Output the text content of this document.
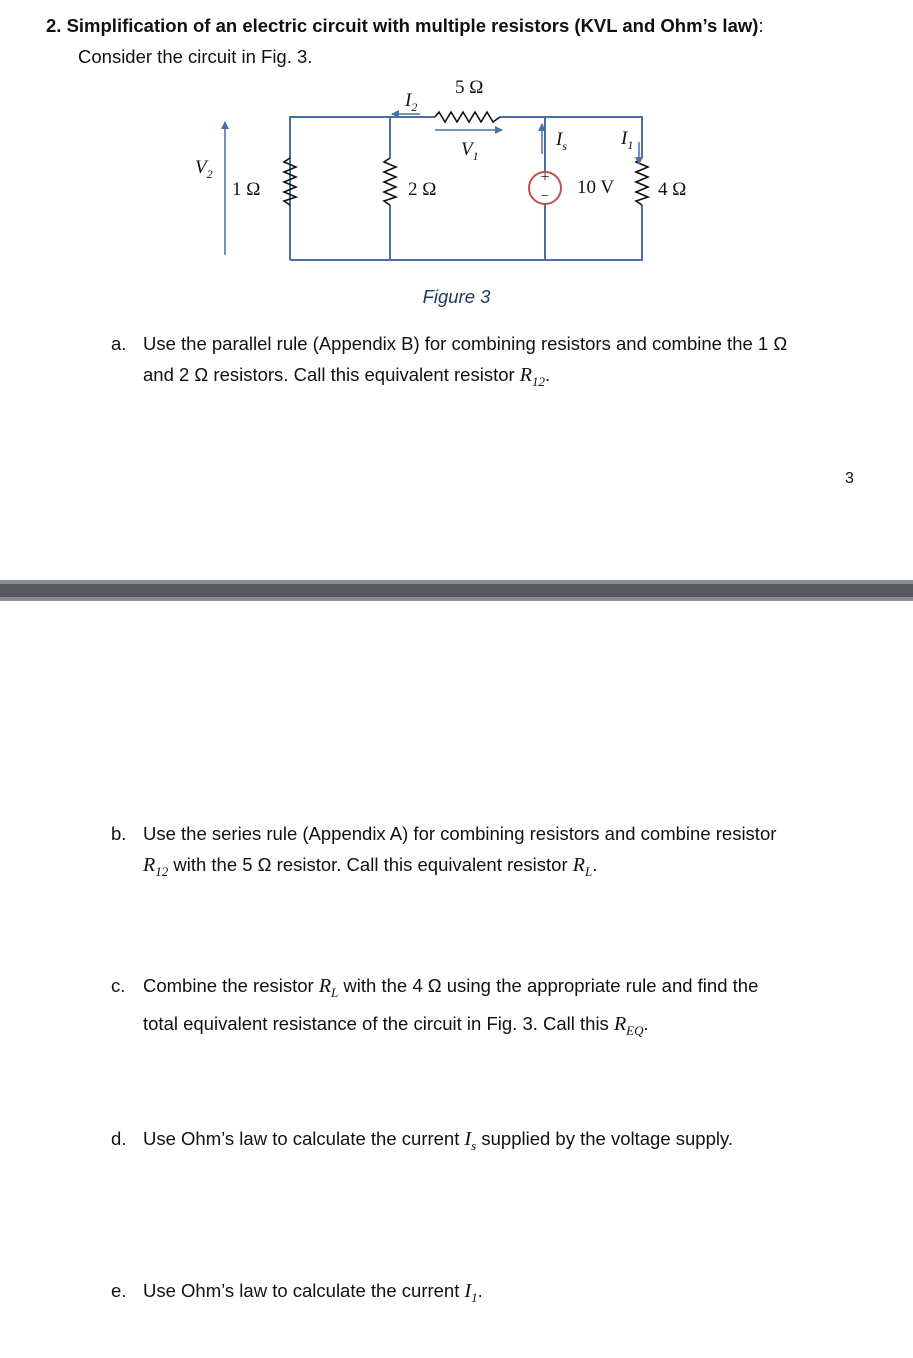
2. Simplification of an electric circuit with multiple resistors (KVL and Ohm’s law):
Consider the circuit in Fig. 3.
+
−
5 Ω
1 Ω	2 Ω	4 Ω
10 V
$I_2$
$V_1$
$I_s$	$I_1$
$V_2$
Figure 3
a. Use the parallel rule (Appendix B) for combining resistors and combine the 1 Ω
and 2 Ω resistors. Call this equivalent resistor $R_{12}$.
3
b. Use the series rule (Appendix A) for combining resistors and combine resistor
$R_{12}$ with the 5 Ω resistor. Call this equivalent resistor $R_L$.
c. Combine the resistor $R_L$ with the 4 Ω using the appropriate rule and find the
total equivalent resistance of the circuit in Fig. 3. Call this $R_{EQ}$.
d. Use Ohm’s law to calculate the current $I_s$ supplied by the voltage supply.
e. Use Ohm’s law to calculate the current $I_1$.
